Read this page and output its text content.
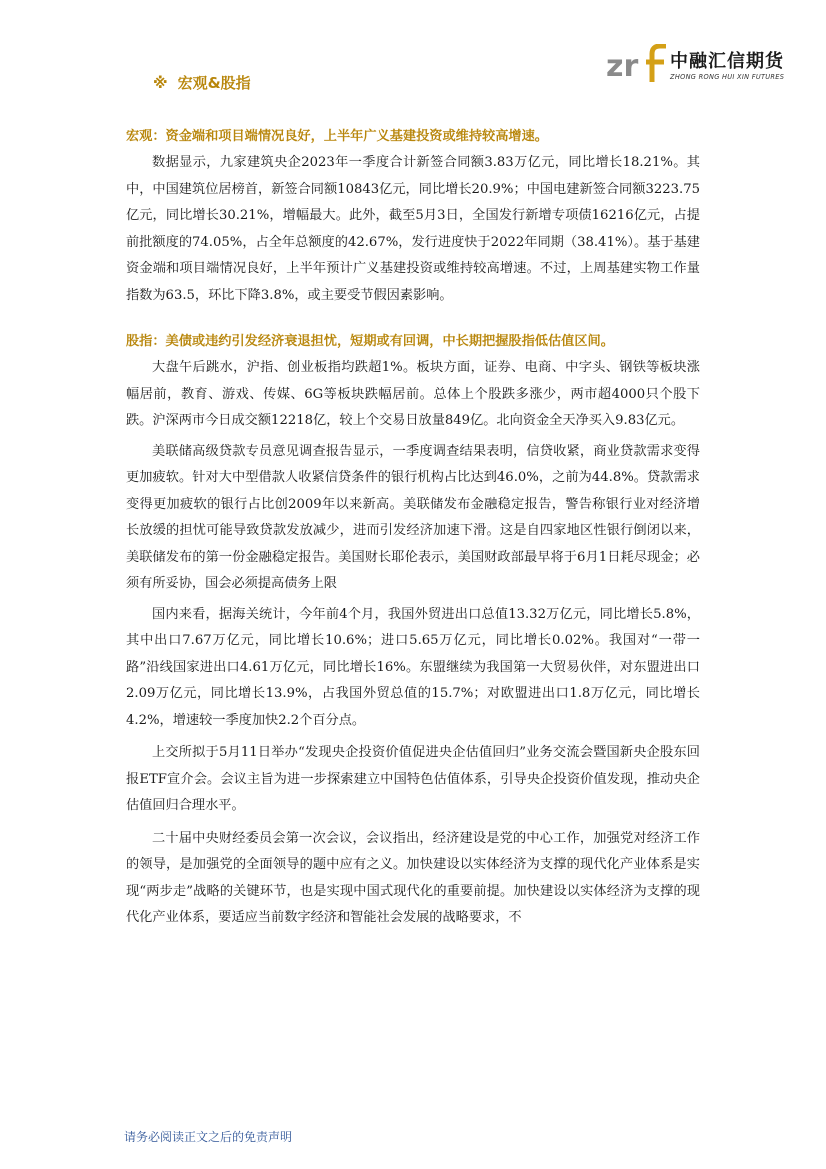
zr 中融汇信期货
ZHONG RONG HUI XIN FUTURES
※ 宏观&股指

宏观：资金端和项目端情况良好，上半年广义基建投资或维持较高增速。

数据显示，九家建筑央企2023年一季度合计新签合同额3.83万亿元，同比增长18.21%。其中，中国建筑位居榜首，新签合同额10843亿元，同比增长20.9%；中国电建新签合同额3223.75亿元，同比增长30.21%，增幅最大。此外，截至5月3日，全国发行新增专项债16216亿元，占提前批额度的74.05%，占全年总额度的42.67%，发行进度快于2022年同期（38.41%）。基于基建资金端和项目端情况良好，上半年预计广义基建投资或维持较高增速。不过，上周基建实物工作量指数为63.5，环比下降3.8%，或主要受节假因素影响。

股指：美债或违约引发经济衰退担忧，短期或有回调，中长期把握股指低估值区间。

大盘午后跳水，沪指、创业板指均跌超1%。板块方面，证券、电商、中字头、钢铁等板块涨幅居前，教育、游戏、传媒、6G等板块跌幅居前。总体上个股跌多涨少，两市超4000只个股下跌。沪深两市今日成交额12218亿，较上个交易日放量849亿。北向资金全天净买入9.83亿元。

美联储高级贷款专员意见调查报告显示，一季度调查结果表明，信贷收紧，商业贷款需求变得更加疲软。针对大中型借款人收紧信贷条件的银行机构占比达到46.0%，之前为44.8%。贷款需求变得更加疲软的银行占比创2009年以来新高。美联储发布金融稳定报告，警告称银行业对经济增长放缓的担忧可能导致贷款发放减少，进而引发经济加速下滑。这是自四家地区性银行倒闭以来，美联储发布的第一份金融稳定报告。美国财长耶伦表示，美国财政部最早将于6月1日耗尽现金；必须有所妥协，国会必须提高债务上限

国内来看，据海关统计，今年前4个月，我国外贸进出口总值13.32万亿元，同比增长5.8%，其中出口7.67万亿元，同比增长10.6%；进口5.65万亿元，同比增长0.02%。我国对“一带一路”沿线国家进出口4.61万亿元，同比增长16%。东盟继续为我国第一大贸易伙伴，对东盟进出口2.09万亿元，同比增长13.9%，占我国外贸总值的15.7%；对欧盟进出口1.8万亿元，同比增长4.2%，增速较一季度加快2.2个百分点。

上交所拟于5月11日举办“发现央企投资价值促进央企估值回归”业务交流会暨国新央企股东回报ETF宣介会。会议主旨为进一步探索建立中国特色估值体系，引导央企投资价值发现，推动央企估值回归合理水平。

二十届中央财经委员会第一次会议，会议指出，经济建设是党的中心工作，加强党对经济工作的领导，是加强党的全面领导的题中应有之义。加快建设以实体经济为支撑的现代化产业体系是实现“两步走”战略的关键环节，也是实现中国式现代化的重要前提。加快建设以实体经济为支撑的现代化产业体系，要适应当前数字经济和智能社会发展的战略要求，不

请务必阅读正文之后的免责声明
